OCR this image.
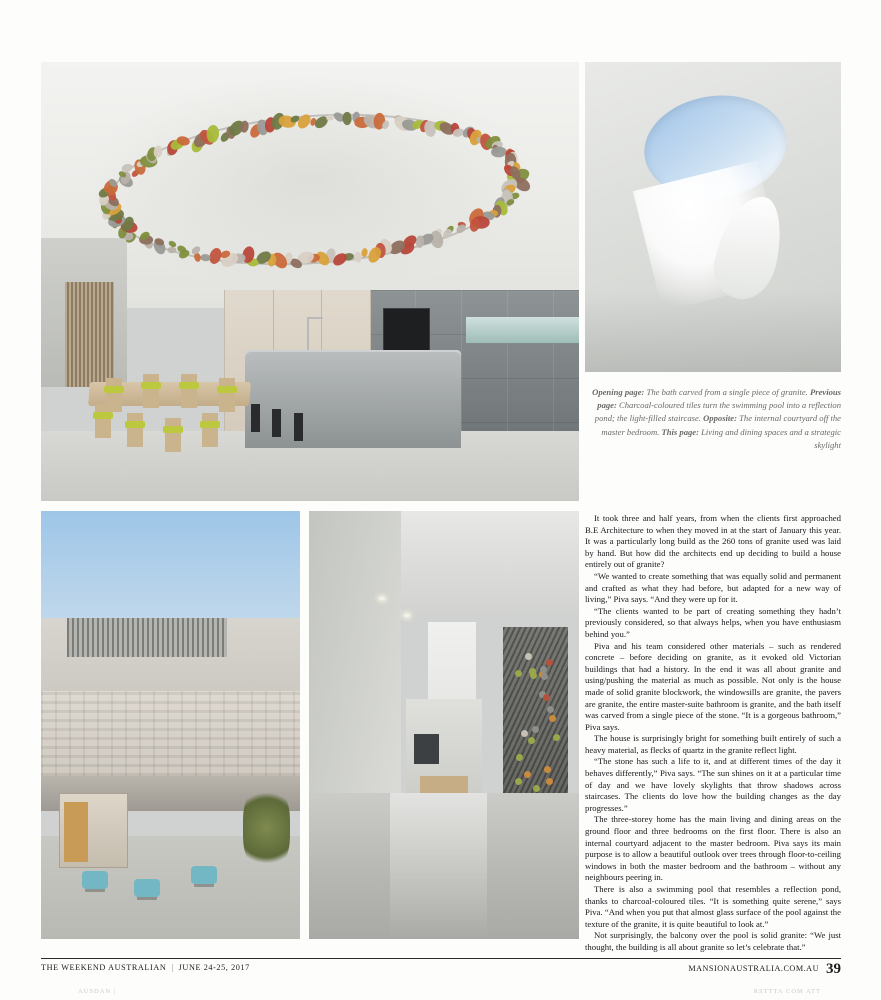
Opening page: The bath carved from a single piece of granite. Previous page: Charcoal-coloured tiles turn the swimming pool into a reflection pond; the light-filled staircase. Opposite: The internal courtyard off the master bedroom. This page: Living and dining spaces and a strategic skylight

It took three and half years, from when the clients first approached B.E Architecture to when they moved in at the start of January this year. It was a particularly long build as the 260 tons of granite used was laid by hand. But how did the architects end up deciding to build a house entirely out of granite?

“We wanted to create something that was equally solid and permanent and crafted as what they had before, but adapted for a new way of living,” Piva says. “And they were up for it.

“The clients wanted to be part of creating something they hadn’t previously considered, so that always helps, when you have enthusiasm behind you.”

Piva and his team considered other materials – such as rendered concrete – before deciding on granite, as it evoked old Victorian buildings that had a history. In the end it was all about granite and using/pushing the material as much as possible. Not only is the house made of solid granite blockwork, the windowsills are granite, the pavers are granite, the entire master-suite bathroom is granite, and the bath itself was carved from a single piece of the stone. “It is a gorgeous bathroom,” Piva says.

The house is surprisingly bright for something built entirely of such a heavy material, as flecks of quartz in the granite reflect light.

“The stone has such a life to it, and at different times of the day it behaves differently,” Piva says. “The sun shines on it at a particular time of day and we have lovely skylights that throw shadows across staircases. The clients do love how the building changes as the day progresses.”

The three-storey home has the main living and dining areas on the ground floor and three bedrooms on the first floor. There is also an internal courtyard adjacent to the master bedroom. Piva says its main purpose is to allow a beautiful outlook over trees through floor-to-ceiling windows in both the master bedroom and the bathroom – without any neighbours peering in.

There is also a swimming pool that resembles a reflection pond, thanks to charcoal-coloured tiles. “It is something quite serene,” says Piva. “And when you put that almost glass surface of the pool against the texture of the granite, it is quite beautiful to look at.”

Not surprisingly, the balcony over the pool is solid granite: “We just thought, the building is all about granite so let’s celebrate that.”

THE WEEKEND AUSTRALIAN | JUNE 24-25, 2017	MANSIONAUSTRALIA.COM.AU 39
AUSDAN |	RSTTTA COM ATT
